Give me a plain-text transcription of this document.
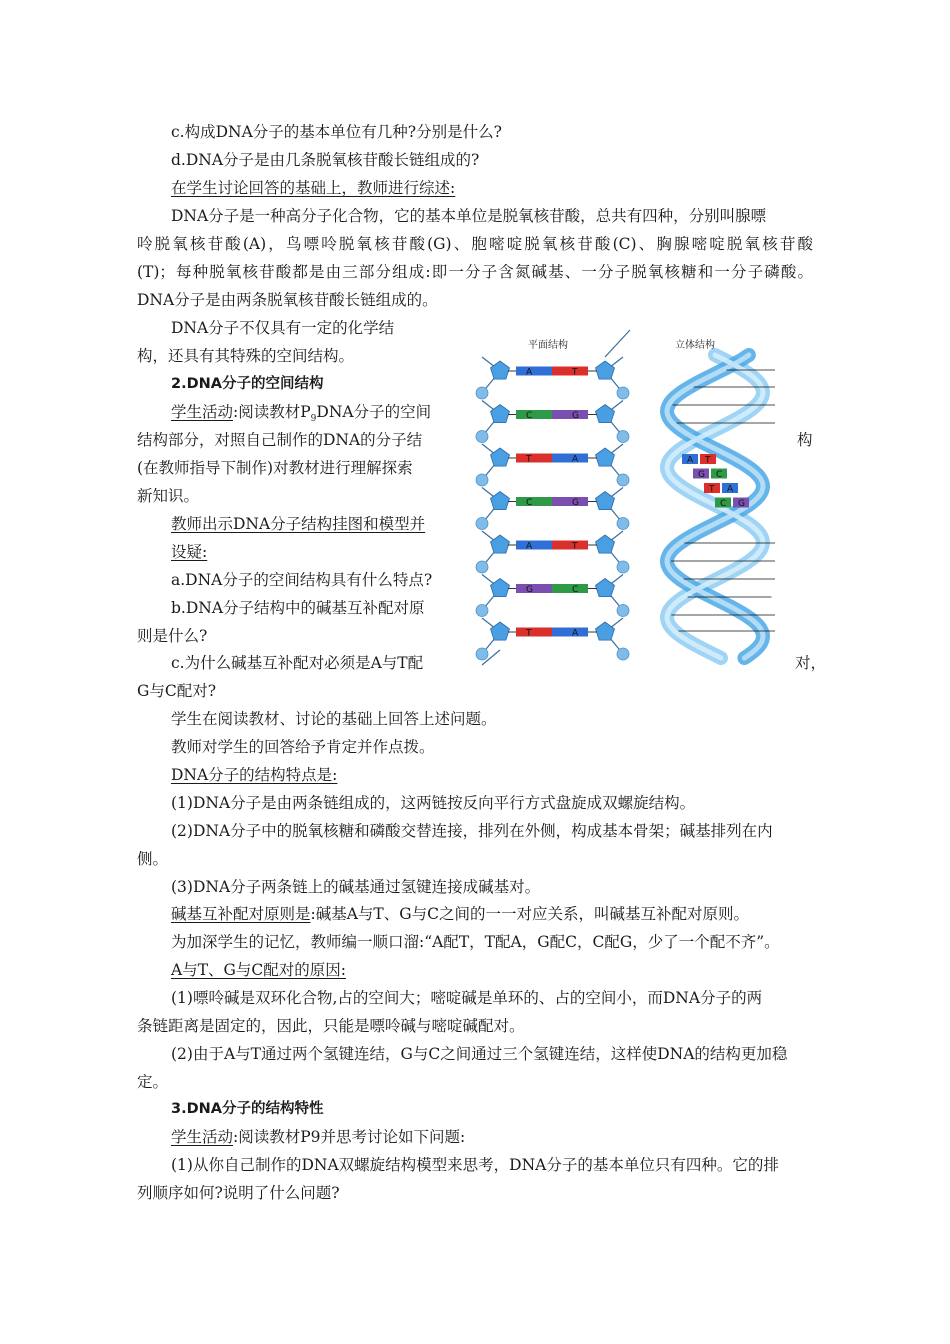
c.构成DNA分子的基本单位有几种?分别是什么?
d.DNA分子是由几条脱氧核苷酸长链组成的?
在学生讨论回答的基础上，教师进行综述:
DNA分子是一种高分子化合物，它的基本单位是脱氧核苷酸，总共有四种，分别叫腺嘌
呤脱氧核苷酸(A)，鸟嘌呤脱氧核苷酸(G)、胞嘧啶脱氧核苷酸(C)、胸腺嘧啶脱氧核苷酸
(T)；每种脱氧核苷酸都是由三部分组成:即一分子含氮碱基、一分子脱氧核糖和一分子磷酸。
DNA分子是由两条脱氧核苷酸长链组成的。
DNA分子不仅具有一定的化学结
构，还具有其特殊的空间结构。
2.DNA分子的空间结构
学生活动:阅读教材$P_9DNA$分子的空间
结构部分，对照自己制作的DNA的分子结	构
(在教师指导下制作)对教材进行理解探索
新知识。
教师出示DNA分子结构挂图和模型并
设疑:
a.DNA分子的空间结构具有什么特点?
b.DNA分子结构中的碱基互补配对原
则是什么?
c.为什么碱基互补配对必须是A与T配	对，
G与C配对?
学生在阅读教材、讨论的基础上回答上述问题。
教师对学生的回答给予肯定并作点拨。
DNA分子的结构特点是:
(1)DNA分子是由两条链组成的，这两链按反向平行方式盘旋成双螺旋结构。
(2)DNA分子中的脱氧核糖和磷酸交替连接，排列在外侧，构成基本骨架；碱基排列在内
侧。
(3)DNA分子两条链上的碱基通过氢键连接成碱基对。
碱基互补配对原则是:碱基A与T、G与C之间的一一对应关系，叫碱基互补配对原则。
为加深学生的记忆，教师编一顺口溜:“A配T，T配A，G配C，C配G，少了一个配不齐”。
A与T、G与C配对的原因:
(1)嘌呤碱是双环化合物,占的空间大；嘧啶碱是单环的、占的空间小，而DNA分子的两
条链距离是固定的，因此，只能是嘌呤碱与嘧啶碱配对。
(2)由于A与T通过两个氢键连结，G与C之间通过三个氢键连结，这样使DNA的结构更加稳
定。
3.DNA分子的结构特性
学生活动:阅读教材P9并思考讨论如下问题:
(1)从你自己制作的DNA双螺旋结构模型来思考，DNA分子的基本单位只有四种。它的排
列顺序如何?说明了什么问题?
平面结构	立体结构
A	T
C	G
T	A
C	G
A	T
G	C
T	A
A T
G C
T A
C G
